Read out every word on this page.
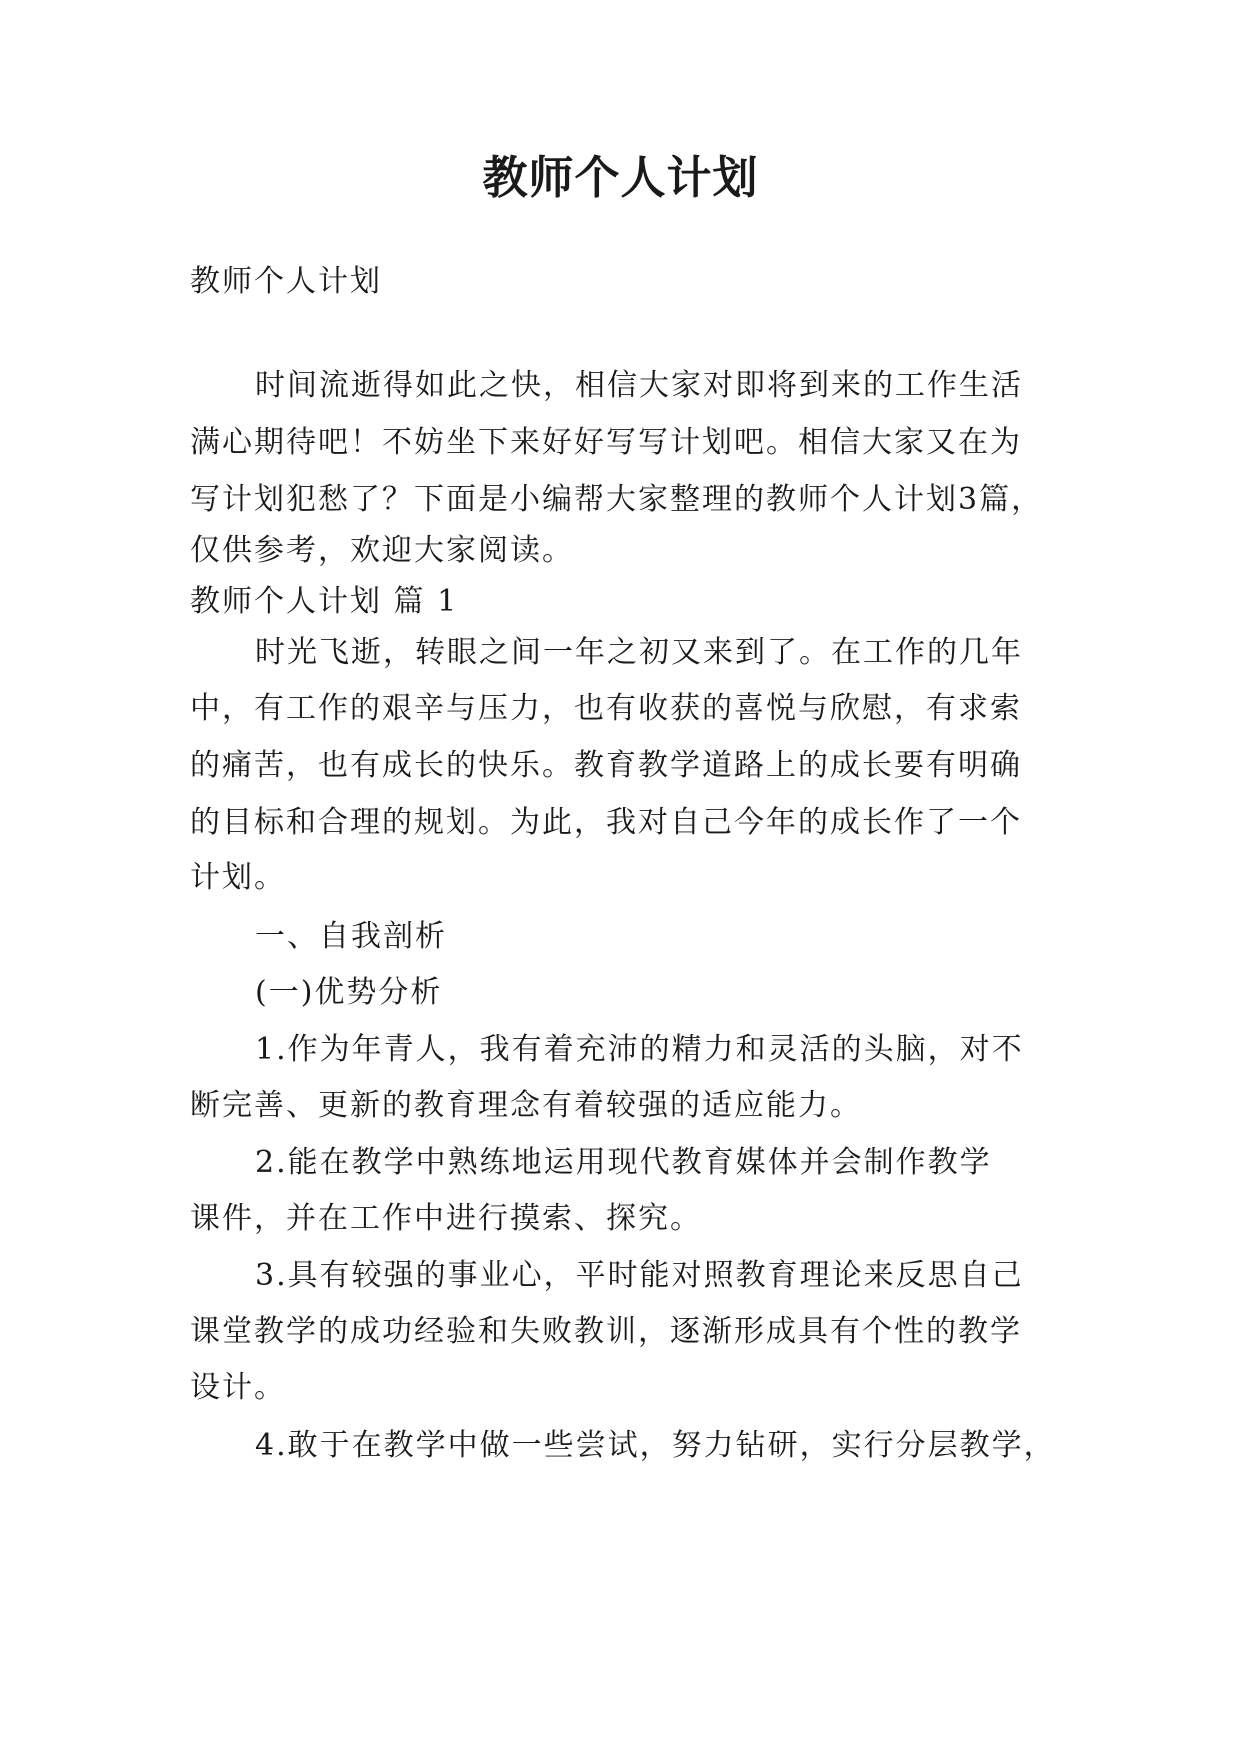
教师个人计划
教师个人计划
时间流逝得如此之快，相信大家对即将到来的工作生活
满心期待吧！不妨坐下来好好写写计划吧。相信大家又在为
写计划犯愁了？下面是小编帮大家整理的教师个人计划3篇，
仅供参考，欢迎大家阅读。
教师个人计划 篇 1
时光飞逝，转眼之间一年之初又来到了。在工作的几年
中，有工作的艰辛与压力，也有收获的喜悦与欣慰，有求索
的痛苦，也有成长的快乐。教育教学道路上的成长要有明确
的目标和合理的规划。为此，我对自己今年的成长作了一个
计划。
一、自我剖析
(一)优势分析
1.作为年青人，我有着充沛的精力和灵活的头脑，对不
断完善、更新的教育理念有着较强的适应能力。
2.能在教学中熟练地运用现代教育媒体并会制作教学
课件，并在工作中进行摸索、探究。
3.具有较强的事业心，平时能对照教育理论来反思自己
课堂教学的成功经验和失败教训，逐渐形成具有个性的教学
设计。
4.敢于在教学中做一些尝试，努力钻研，实行分层教学，
